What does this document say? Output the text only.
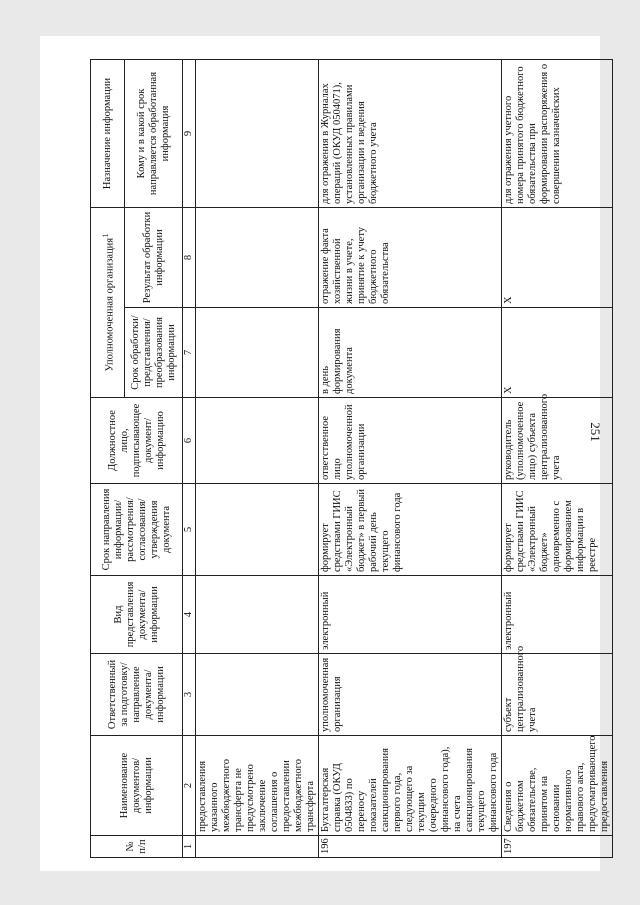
251
№ п/п	Наименование документов/ информации	Ответственный за подготовку/ направление документа/ информации	Вид представления документа/ информации	Срок направления информации/ рассмотрения/ согласования/ утверждения документа	Должностное лицо, подписывающее документ/ информацию	Уполномоченная организация$^1$		Назначение информации
						Срок обработки/ представления/ преобразования информации	Результат обработки информации	Кому и в какой срок направляется обработанная информация
1	2	3	4	5	6	7	8	9
	предоставления указанного межбюджетного трансферта не предусмотрено заключение соглашения о предоставлении межбюджетного трансферта							
196	Бухгалтерская справка (ОКУД 0504833) по переносу показателей санкционирования первого года, следующего за текущим (очередного финансового года), на счета санкционирования текущего финансового года	уполномоченная организация	электронный	формирует средствами ГИИС «Электронный бюджет» в первый рабочий день текущего финансового года	ответственное лицо уполномоченной организации	в день формирования документа	отражение факта хозяйственной жизни в учете, принятие к учету бюджетного обязательства	для отражения в Журналах операций (ОКУД 0504071), установленных правилами организации и ведения бюджетного учета
197	Сведения о бюджетном обязательстве, принятом на основании нормативного правового акта, предусматривающего предоставления	субъект централизованного учета	электронный	формирует средствами ГИИС «Электронный бюджет» одновременно с формированием информации в реестре	руководитель (уполномоченное лицо) субъекта централизованного учета	X	X	для отражения учетного номера принятого бюджетного обязательства при формировании распоряжения о совершении казначейских
